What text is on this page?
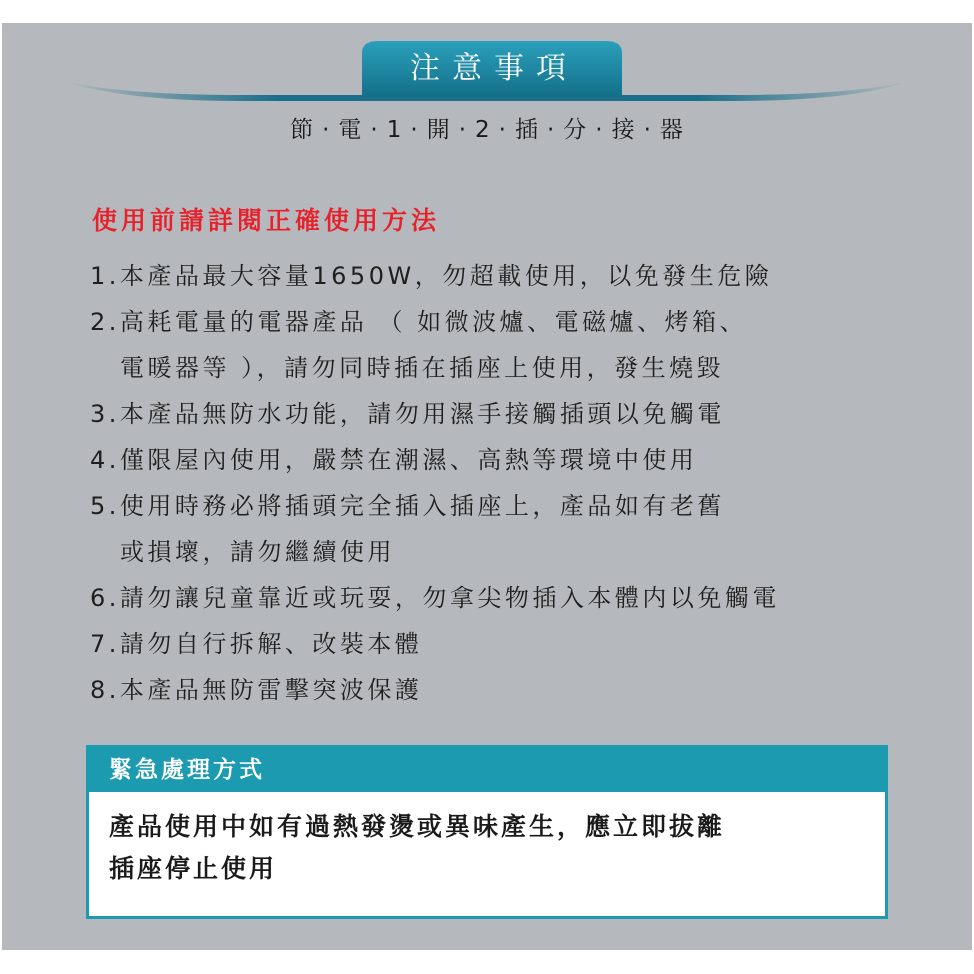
注意事項
節 · 電 · 1 · 開 · 2 · 插 · 分 · 接 · 器
使用前請詳閱正確使用方法
1.本產品最大容量1650W，勿超載使用，以免發生危險
2.高耗電量的電器產品 （ 如微波爐、電磁爐、烤箱、
電暖器等 ），請勿同時插在插座上使用，發生燒毀
3.本產品無防水功能，請勿用濕手接觸插頭以免觸電
4.僅限屋內使用，嚴禁在潮濕、高熱等環境中使用
5.使用時務必將插頭完全插入插座上，產品如有老舊
或損壞，請勿繼續使用
6.請勿讓兒童靠近或玩耍，勿拿尖物插入本體内以免觸電
7.請勿自行拆解、改裝本體
8.本產品無防雷擊突波保護
緊急處理方式
產品使用中如有過熱發燙或異味產生，應立即拔離
插座停止使用
